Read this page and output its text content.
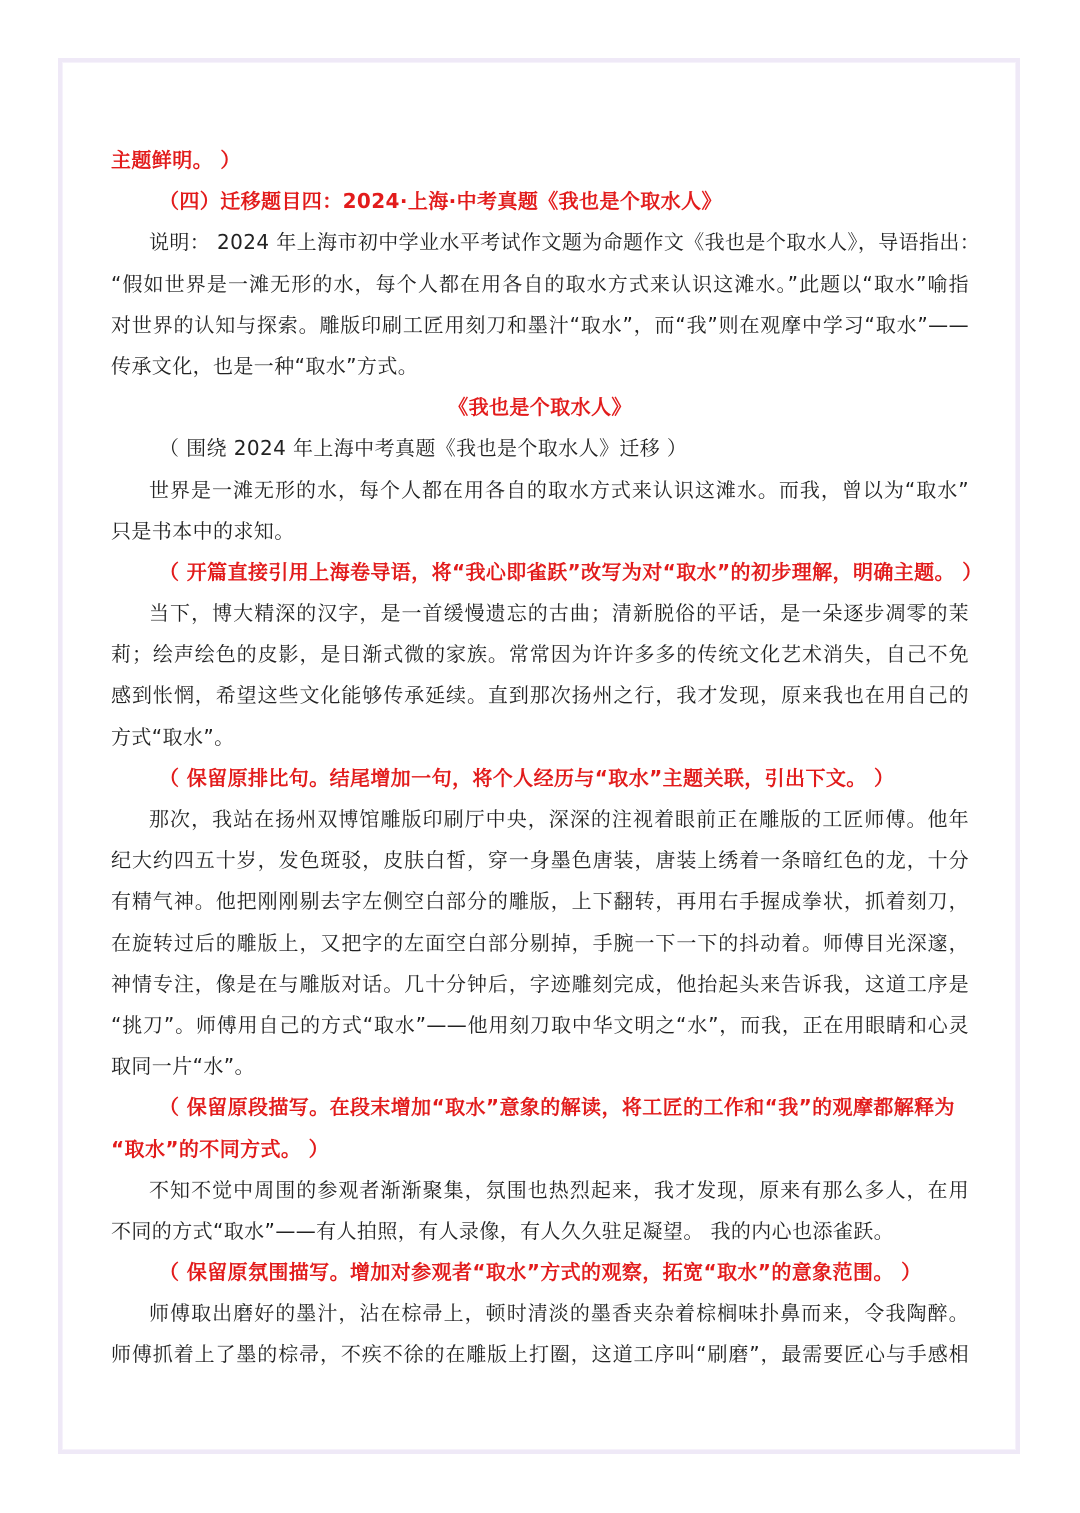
主题鲜明。 ）
（四）迁移题目四：2024·上海·中考真题《我也是个取水人》
说明： 2024 年上海市初中学业水平考试作文题为命题作文《我也是个取水人》，导语指出：
“假如世界是一滩无形的水，每个人都在用各自的取水方式来认识这滩水。”此题以“取水”喻指
对世界的认知与探索。雕版印刷工匠用刻刀和墨汁“取水”，而“我”则在观摩中学习“取水”——
传承文化，也是一种“取水”方式。
《我也是个取水人》
（ 围绕 2024 年上海中考真题《我也是个取水人》迁移 ）
世界是一滩无形的水，每个人都在用各自的取水方式来认识这滩水。而我，曾以为“取水”
只是书本中的求知。
（ 开篇直接引用上海卷导语，将“我心即雀跃”改写为对“取水”的初步理解，明确主题。 ）
当下，博大精深的汉字，是一首缓慢遗忘的古曲；清新脱俗的平话，是一朵逐步凋零的茉
莉；绘声绘色的皮影，是日渐式微的家族。常常因为许许多多的传统文化艺术消失，自己不免
感到怅惘，希望这些文化能够传承延续。直到那次扬州之行，我才发现，原来我也在用自己的
方式“取水”。
（ 保留原排比句。结尾增加一句，将个人经历与“取水”主题关联，引出下文。 ）
那次，我站在扬州双博馆雕版印刷厅中央，深深的注视着眼前正在雕版的工匠师傅。他年
纪大约四五十岁，发色斑驳，皮肤白皙，穿一身墨色唐装，唐装上绣着一条暗红色的龙，十分
有精气神。他把刚刚剔去字左侧空白部分的雕版，上下翻转，再用右手握成拳状，抓着刻刀，
在旋转过后的雕版上，又把字的左面空白部分剔掉，手腕一下一下的抖动着。师傅目光深邃，
神情专注，像是在与雕版对话。几十分钟后，字迹雕刻完成，他抬起头来告诉我，这道工序是
“挑刀”。师傅用自己的方式“取水”——他用刻刀取中华文明之“水”，而我，正在用眼睛和心灵
取同一片“水”。
（ 保留原段描写。在段末增加“取水”意象的解读，将工匠的工作和“我”的观摩都解释为
“取水”的不同方式。 ）
不知不觉中周围的参观者渐渐聚集，氛围也热烈起来，我才发现，原来有那么多人，在用
不同的方式“取水”——有人拍照，有人录像，有人久久驻足凝望。 我的内心也添雀跃。
（ 保留原氛围描写。增加对参观者“取水”方式的观察，拓宽“取水”的意象范围。 ）
师傅取出磨好的墨汁，沾在棕帚上，顿时清淡的墨香夹杂着棕榈味扑鼻而来，令我陶醉。
师傅抓着上了墨的棕帚，不疾不徐的在雕版上打圈，这道工序叫“刷磨”，最需要匠心与手感相
